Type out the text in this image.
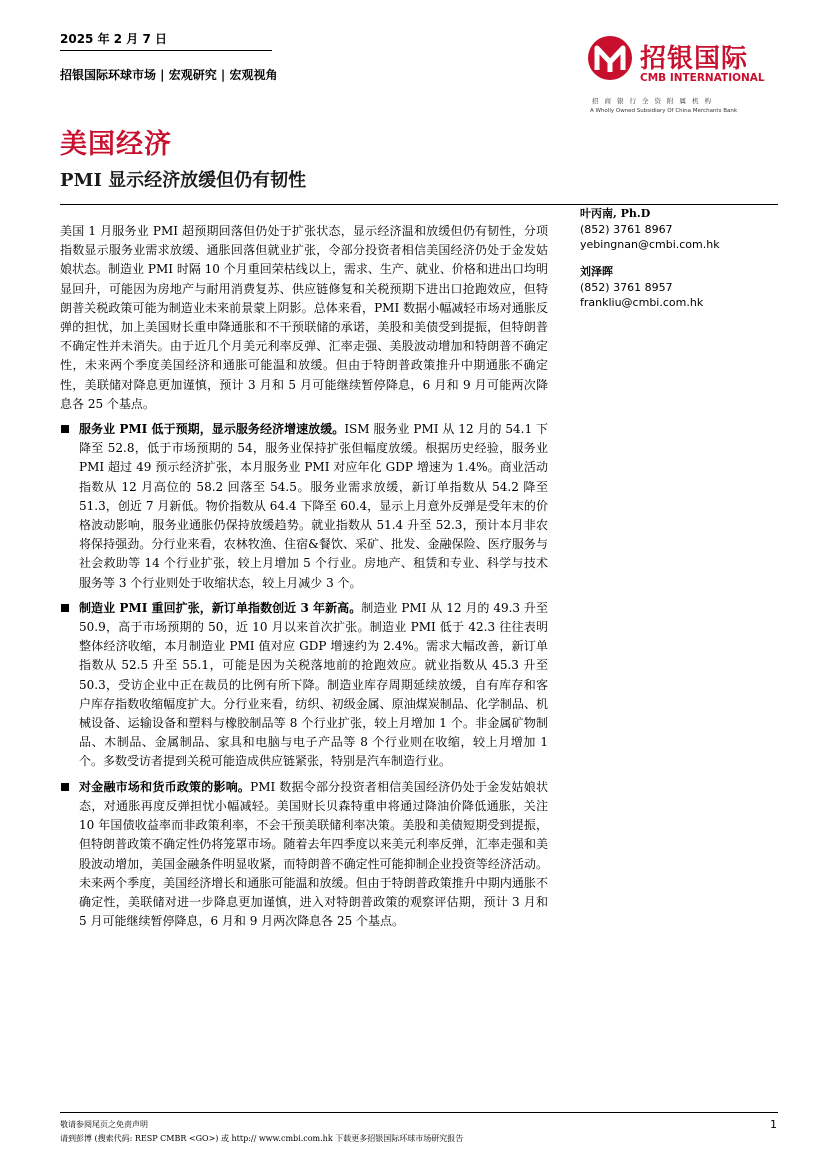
2025 年 2 月 7 日
招银国际环球市场 | 宏观研究 | 宏观视角
招银国际
CMB INTERNATIONAL
招商银行全资附属机构
A Wholly Owned Subsidiary Of China Merchants Bank
美国经济
PMI 显示经济放缓但仍有韧性

美国 1 月服务业 PMI 超预期回落但仍处于扩张状态，显示经济温和放缓但仍有韧性，分项指数显示服务业需求放缓、通胀回落但就业扩张，令部分投资者相信美国经济仍处于金发姑娘状态。制造业 PMI 时隔 10 个月重回荣枯线以上，需求、生产、就业、价格和进出口均明显回升，可能因为房地产与耐用消费复苏、供应链修复和关税预期下进出口抢跑效应，但特朗普关税政策可能为制造业未来前景蒙上阴影。总体来看，PMI 数据小幅减轻市场对通胀反弹的担忧，加上美国财长重申降通胀和不干预联储的承诺，美股和美债受到提振，但特朗普不确定性并未消失。由于近几个月美元利率反弹、汇率走强、美股波动增加和特朗普不确定性，未来两个季度美国经济和通胀可能温和放缓。但由于特朗普政策推升中期通胀不确定性，美联储对降息更加谨慎，预计 3 月和 5 月可能继续暂停降息，6 月和 9 月可能两次降息各 25 个基点。

服务业 PMI 低于预期，显示服务经济增速放缓。ISM 服务业 PMI 从 12 月的 54.1 下降至 52.8，低于市场预期的 54，服务业保持扩张但幅度放缓。根据历史经验，服务业 PMI 超过 49 预示经济扩张，本月服务业 PMI 对应年化 GDP 增速为 1.4%。商业活动指数从 12 月高位的 58.2 回落至 54.5。服务业需求放缓，新订单指数从 54.2 降至 51.3，创近 7 月新低。物价指数从 64.4 下降至 60.4，显示上月意外反弹是受年末的价格波动影响，服务业通胀仍保持放缓趋势。就业指数从 51.4 升至 52.3，预计本月非农将保持强劲。分行业来看，农林牧渔、住宿&餐饮、采矿、批发、金融保险、医疗服务与社会救助等 14 个行业扩张，较上月增加 5 个行业。房地产、租赁和专业、科学与技术服务等 3 个行业则处于收缩状态，较上月减少 3 个。

制造业 PMI 重回扩张，新订单指数创近 3 年新高。制造业 PMI 从 12 月的 49.3 升至 50.9，高于市场预期的 50，近 10 月以来首次扩张。制造业 PMI 低于 42.3 往往表明整体经济收缩，本月制造业 PMI 值对应 GDP 增速约为 2.4%。需求大幅改善，新订单指数从 52.5 升至 55.1，可能是因为关税落地前的抢跑效应。就业指数从 45.3 升至 50.3，受访企业中正在裁员的比例有所下降。制造业库存周期延续放缓，自有库存和客户库存指数收缩幅度扩大。分行业来看，纺织、初级金属、原油煤炭制品、化学制品、机械设备、运输设备和塑料与橡胶制品等 8 个行业扩张，较上月增加 1 个。非金属矿物制品、木制品、金属制品、家具和电脑与电子产品等 8 个行业则在收缩，较上月增加 1 个。多数受访者提到关税可能造成供应链紧张，特别是汽车制造行业。

对金融市场和货币政策的影响。PMI 数据令部分投资者相信美国经济仍处于金发姑娘状态，对通胀再度反弹担忧小幅减轻。美国财长贝森特重申将通过降油价降低通胀，关注 10 年国债收益率而非政策利率，不会干预美联储利率决策。美股和美债短期受到提振，但特朗普政策不确定性仍将笼罩市场。随着去年四季度以来美元利率反弹，汇率走强和美股波动增加，美国金融条件明显收紧，而特朗普不确定性可能抑制企业投资等经济活动。未来两个季度，美国经济增长和通胀可能温和放缓。但由于特朗普政策推升中期内通胀不确定性，美联储对进一步降息更加谨慎，进入对特朗普政策的观察评估期，预计 3 月和 5 月可能继续暂停降息，6 月和 9 月两次降息各 25 个基点。

叶丙南, Ph.D
(852) 3761 8967
yebingnan@cmbi.com.hk
刘泽晖
(852) 3761 8957
frankliu@cmbi.com.hk
敬请参阅尾页之免责声明
请到彭博 (搜索代码: RESP CMBR <GO>) 或 http:// www.cmbi.com.hk 下载更多招银国际环球市场研究报告
1
